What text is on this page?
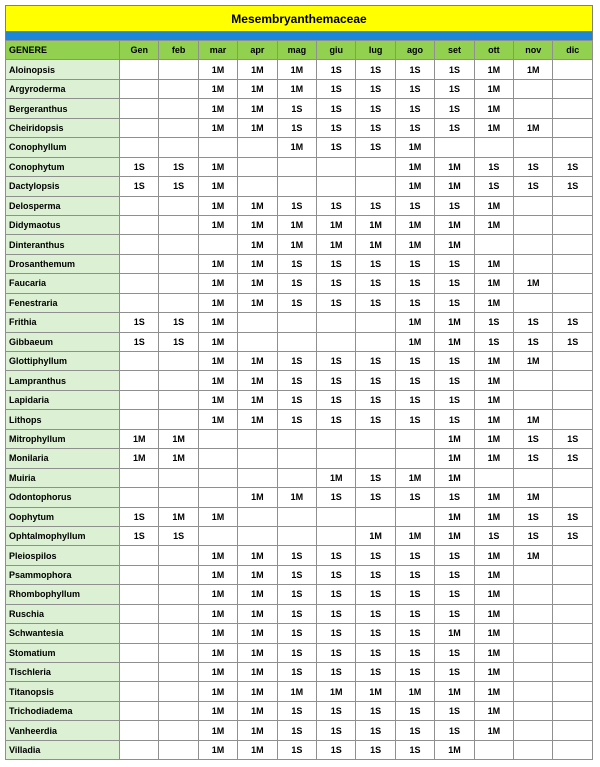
Mesembryanthemaceae
GENERE	Gen	feb	mar	apr	mag	giu	lug	ago	set	ott	nov	dic
Aloinopsis			1M	1M	1M	1S	1S	1S	1S	1M	1M	
Argyroderma			1M	1M	1M	1S	1S	1S	1S	1M		
Bergeranthus			1M	1M	1S	1S	1S	1S	1S	1M		
Cheiridopsis			1M	1M	1S	1S	1S	1S	1S	1M	1M	
Conophyllum					1M	1S	1S	1M				
Conophytum	1S	1S	1M					1M	1M	1S	1S	1S
Dactylopsis	1S	1S	1M					1M	1M	1S	1S	1S
Delosperma			1M	1M	1S	1S	1S	1S	1S	1M		
Didymaotus			1M	1M	1M	1M	1M	1M	1M	1M		
Dinteranthus				1M	1M	1M	1M	1M	1M			
Drosanthemum			1M	1M	1S	1S	1S	1S	1S	1M		
Faucaria			1M	1M	1S	1S	1S	1S	1S	1M	1M	
Fenestraria			1M	1M	1S	1S	1S	1S	1S	1M		
Frithia	1S	1S	1M					1M	1M	1S	1S	1S
Gibbaeum	1S	1S	1M					1M	1M	1S	1S	1S
Glottiphyllum			1M	1M	1S	1S	1S	1S	1S	1M	1M	
Lampranthus			1M	1M	1S	1S	1S	1S	1S	1M		
Lapidaria			1M	1M	1S	1S	1S	1S	1S	1M		
Lithops			1M	1M	1S	1S	1S	1S	1S	1M	1M	
Mitrophyllum	1M	1M							1M	1M	1S	1S
Monilaria	1M	1M							1M	1M	1S	1S
Muiria						1M	1S	1M	1M			
Odontophorus				1M	1M	1S	1S	1S	1S	1M	1M	
Oophytum	1S	1M	1M						1M	1M	1S	1S
Ophtalmophyllum	1S	1S					1M	1M	1M	1S	1S	1S
Pleiospilos			1M	1M	1S	1S	1S	1S	1S	1M	1M	
Psammophora			1M	1M	1S	1S	1S	1S	1S	1M		
Rhombophyllum			1M	1M	1S	1S	1S	1S	1S	1M		
Ruschia			1M	1M	1S	1S	1S	1S	1S	1M		
Schwantesia			1M	1M	1S	1S	1S	1S	1M	1M		
Stomatium			1M	1M	1S	1S	1S	1S	1S	1M		
Tischleria			1M	1M	1S	1S	1S	1S	1S	1M		
Titanopsis			1M	1M	1M	1M	1M	1M	1M	1M		
Trichodiadema			1M	1M	1S	1S	1S	1S	1S	1M		
Vanheerdia			1M	1M	1S	1S	1S	1S	1S	1M		
Villadia			1M	1M	1S	1S	1S	1S	1M			
